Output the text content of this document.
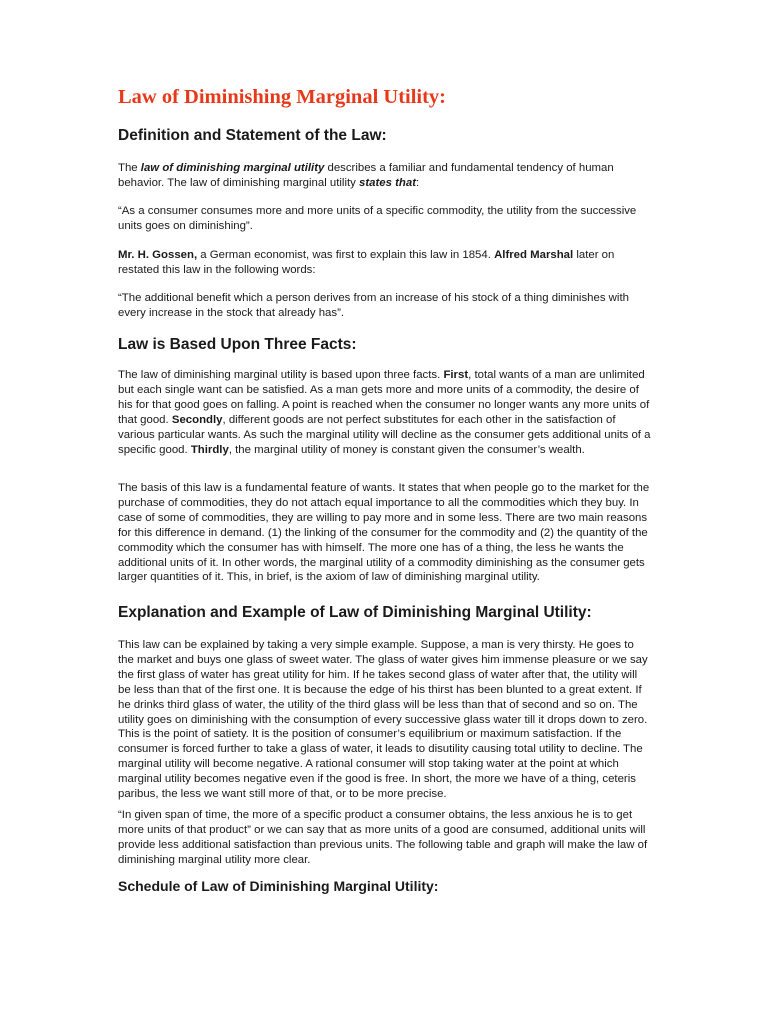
Law of Diminishing Marginal Utility:
Definition and Statement of the Law:

The law of diminishing marginal utility describes a familiar and fundamental tendency of human behavior. The law of diminishing marginal utility states that:

“As a consumer consumes more and more units of a specific commodity, the utility from the successive units goes on diminishing”.

Mr. H. Gossen, a German economist, was first to explain this law in 1854. Alfred Marshal later on restated this law in the following words:

“The additional benefit which a person derives from an increase of his stock of a thing diminishes with every increase in the stock that already has”.

Law is Based Upon Three Facts:

The law of diminishing marginal utility is based upon three facts. First, total wants of a man are unlimited but each single want can be satisfied. As a man gets more and more units of a commodity, the desire of his for that good goes on falling. A point is reached when the consumer no longer wants any more units of that good. Secondly, different goods are not perfect substitutes for each other in the satisfaction of various particular wants. As such the marginal utility will decline as the consumer gets additional units of a specific good. Thirdly, the marginal utility of money is constant given the consumer’s wealth.

The basis of this law is a fundamental feature of wants. It states that when people go to the market for the purchase of commodities, they do not attach equal importance to all the commodities which they buy. In case of some of commodities, they are willing to pay more and in some less. There are two main reasons for this difference in demand. (1) the linking of the consumer for the commodity and (2) the quantity of the commodity which the consumer has with himself. The more one has of a thing, the less he wants the additional units of it. In other words, the marginal utility of a commodity diminishing as the consumer gets larger quantities of it. This, in brief, is the axiom of law of diminishing marginal utility.

Explanation and Example of Law of Diminishing Marginal Utility:

This law can be explained by taking a very simple example. Suppose, a man is very thirsty. He goes to the market and buys one glass of sweet water. The glass of water gives him immense pleasure or we say the first glass of water has great utility for him. If he takes second glass of water after that, the utility will be less than that of the first one. It is because the edge of his thirst has been blunted to a great extent. If he drinks third glass of water, the utility of the third glass will be less than that of second and so on. The utility goes on diminishing with the consumption of every successive glass water till it drops down to zero. This is the point of satiety. It is the position of consumer’s equilibrium or maximum satisfaction. If the consumer is forced further to take a glass of water, it leads to disutility causing total utility to decline. The marginal utility will become negative. A rational consumer will stop taking water at the point at which marginal utility becomes negative even if the good is free. In short, the more we have of a thing, ceteris paribus, the less we want still more of that, or to be more precise.

“In given span of time, the more of a specific product a consumer obtains, the less anxious he is to get more units of that product” or we can say that as more units of a good are consumed, additional units will provide less additional satisfaction than previous units. The following table and graph will make the law of diminishing marginal utility more clear.

Schedule of Law of Diminishing Marginal Utility:
